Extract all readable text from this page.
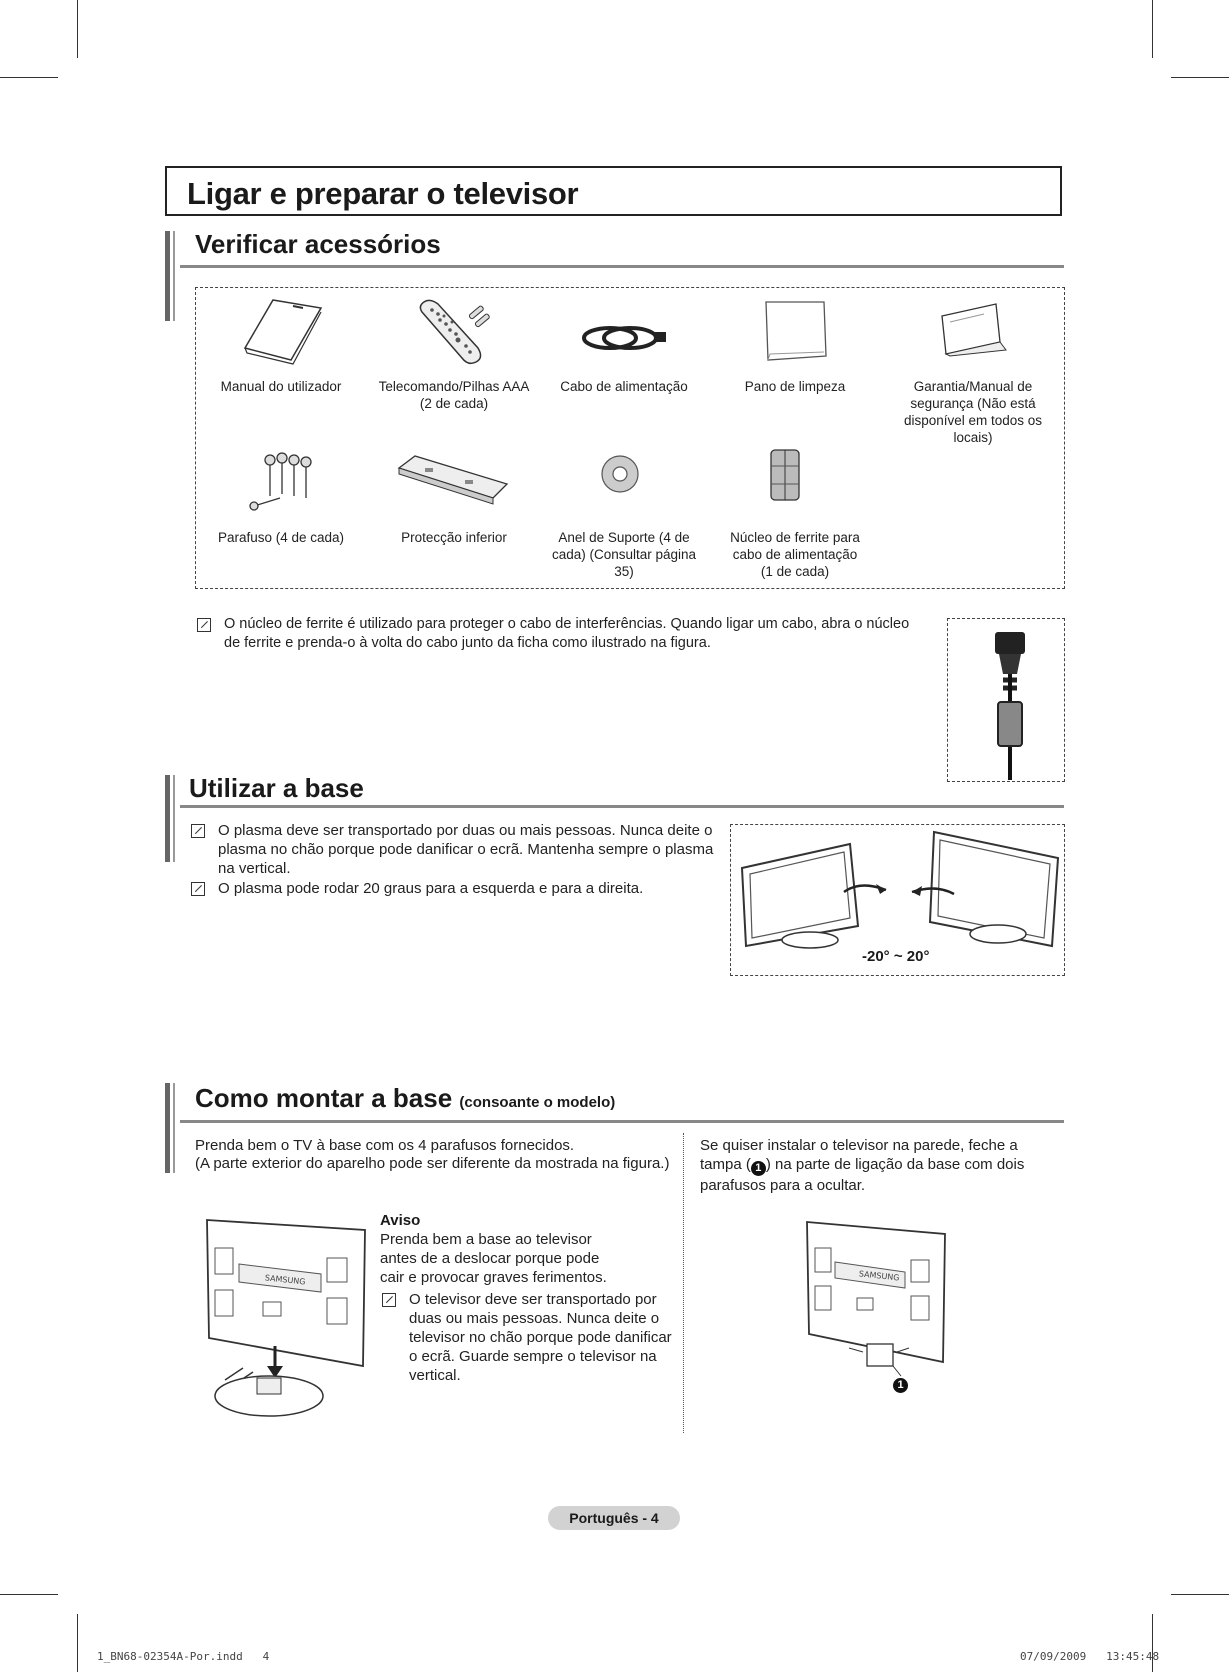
Ligar e preparar o televisor
Verificar acessórios
Manual do utilizador	Telecomando/Pilhas AAA
(2 de cada)
Cabo de alimentação	Pano de limpeza	Garantia/Manual de
segurança (Não está
disponível em todos os locais)
Parafuso (4 de cada)	Protecção inferior	Anel de Suporte (4 de
cada) (Consultar página 35)
Núcleo de ferrite para
cabo de alimentação
(1 de cada)
O núcleo de ferrite é utilizado para proteger o cabo de interferências. Quando ligar um cabo, abra o núcleo de ferrite e prenda-o à volta do cabo junto da ficha como ilustrado na figura.
Utilizar a base
O plasma deve ser transportado por duas ou mais pessoas. Nunca deite o plasma no chão porque pode danificar o ecrã. Mantenha sempre o plasma na vertical.
O plasma pode rodar 20 graus para a esquerda e para a direita.
-20° ~ 20°
Como montar a base (consoante o modelo)
Prenda bem o TV à base com os 4 parafusos fornecidos.
(A parte exterior do aparelho pode ser diferente da mostrada na figura.)
Se quiser instalar o televisor na parede, feche a tampa ( 1 ) na parte de ligação da base com dois parafusos para a ocultar.
SAMSUNG
Aviso
Prenda bem a base ao televisor antes de a deslocar porque pode cair e provocar graves ferimentos.
O televisor deve ser transportado por duas ou mais pessoas. Nunca deite o televisor no chão porque pode danificar o ecrã. Guarde sempre o televisor na vertical.
SAMSUNG
1
Português - 4
1_BN68-02354A-Por.indd   4	07/09/2009   13:45:48
